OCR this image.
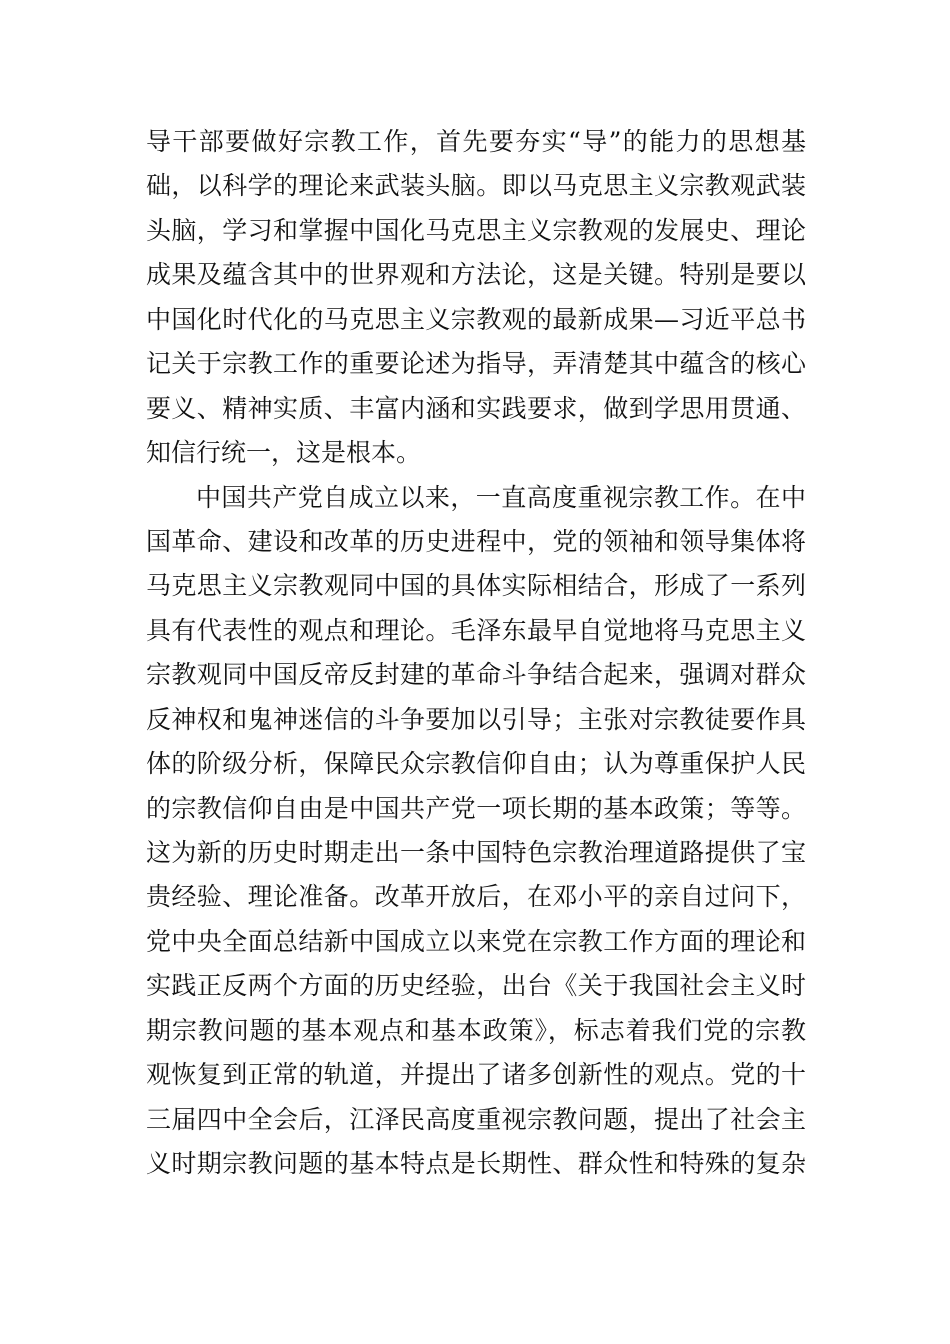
导干部要做好宗教工作，首先要夯实“导”的能力的思想基
础，以科学的理论来武装头脑。即以马克思主义宗教观武装
头脑，学习和掌握中国化马克思主义宗教观的发展史、理论
成果及蕴含其中的世界观和方法论，这是关键。特别是要以
中国化时代化的马克思主义宗教观的最新成果—习近平总书
记关于宗教工作的重要论述为指导，弄清楚其中蕴含的核心
要义、精神实质、丰富内涵和实践要求，做到学思用贯通、
知信行统一，这是根本。
中国共产党自成立以来，一直高度重视宗教工作。在中
国革命、建设和改革的历史进程中，党的领袖和领导集体将
马克思主义宗教观同中国的具体实际相结合，形成了一系列
具有代表性的观点和理论。毛泽东最早自觉地将马克思主义
宗教观同中国反帝反封建的革命斗争结合起来，强调对群众
反神权和鬼神迷信的斗争要加以引导；主张对宗教徒要作具
体的阶级分析，保障民众宗教信仰自由；认为尊重保护人民
的宗教信仰自由是中国共产党一项长期的基本政策；等等。
这为新的历史时期走出一条中国特色宗教治理道路提供了宝
贵经验、理论准备。改革开放后，在邓小平的亲自过问下，
党中央全面总结新中国成立以来党在宗教工作方面的理论和
实践正反两个方面的历史经验，出台《关于我国社会主义时
期宗教问题的基本观点和基本政策》，标志着我们党的宗教
观恢复到正常的轨道，并提出了诸多创新性的观点。党的十
三届四中全会后，江泽民高度重视宗教问题，提出了社会主
义时期宗教问题的基本特点是长期性、群众性和特殊的复杂
